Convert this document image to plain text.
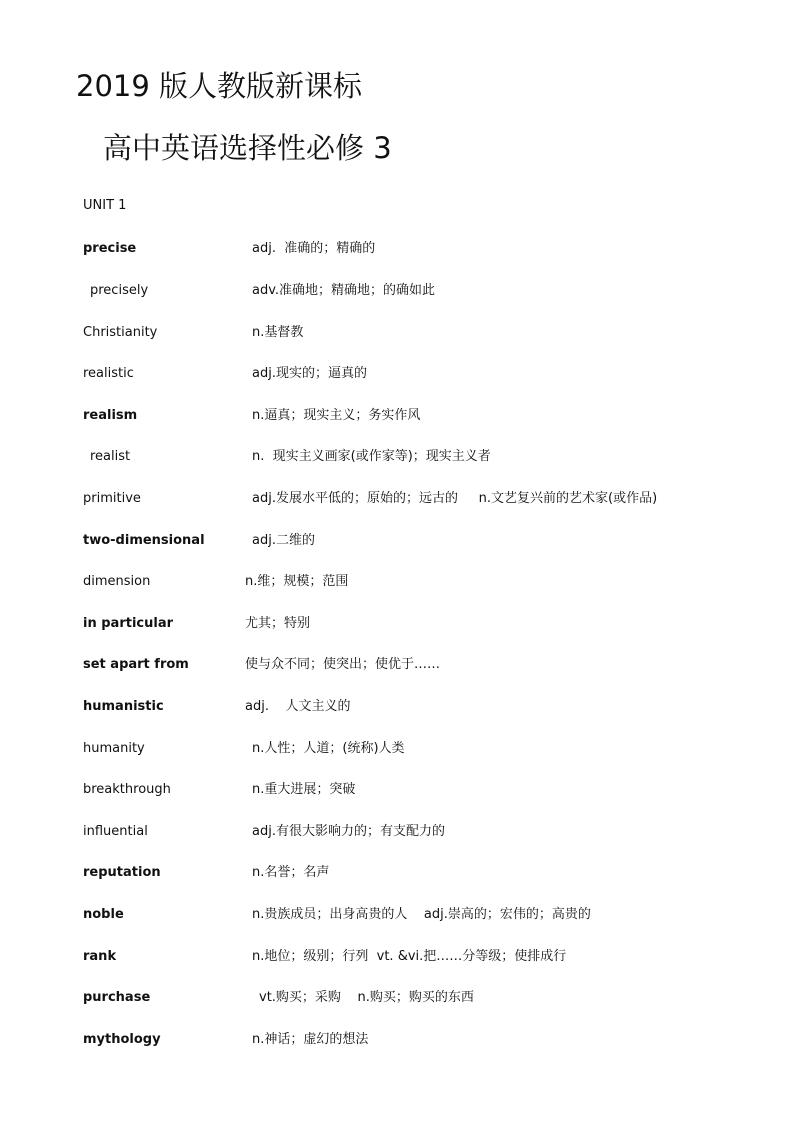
2019 版人教版新课标
高中英语选择性必修 3
UNIT 1
precise	adj.  准确的；精确的
precisely	adv.准确地；精确地；的确如此
Christianity	n.基督教
realistic	adj.现实的；逼真的
realism	n.逼真；现实主义；务实作风
realist	n.  现实主义画家(或作家等)；现实主义者
primitive	adj.发展水平低的；原始的；远古的     n.文艺复兴前的艺术家(或作品)
two-dimensional	adj.二维的
dimension	n.维；规模；范围
in particular	尤其；特别
set apart from	使与众不同；使突出；使优于……
humanistic	adj.    人文主义的
humanity	n.人性；人道；(统称)人类
breakthrough	n.重大进展；突破
influential	adj.有很大影响力的；有支配力的
reputation	n.名誉；名声
noble	n.贵族成员；出身高贵的人    adj.崇高的；宏伟的；高贵的
rank	n.地位；级别；行列  vt. &vi.把……分等级；使排成行
purchase	vt.购买；采购    n.购买；购买的东西
mythology	n.神话；虚幻的想法
